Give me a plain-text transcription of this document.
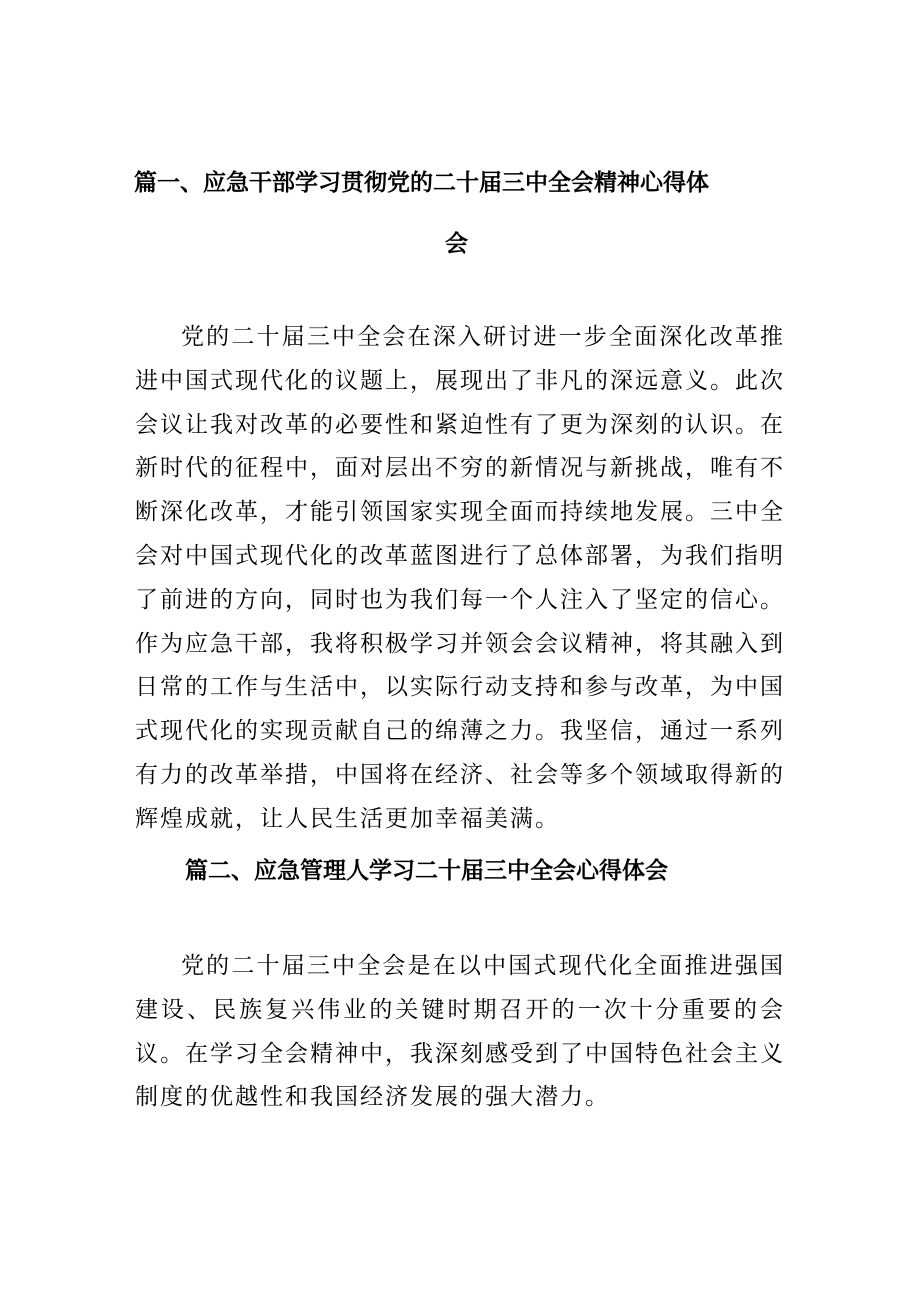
篇一、应急干部学习贯彻党的二十届三中全会精神心得体
会

党的二十届三中全会在深入研讨进一步全面深化改革推进中国式现代化的议题上，展现出了非凡的深远意义。此次会议让我对改革的必要性和紧迫性有了更为深刻的认识。在新时代的征程中，面对层出不穷的新情况与新挑战，唯有不断深化改革，才能引领国家实现全面而持续地发展。三中全会对中国式现代化的改革蓝图进行了总体部署，为我们指明了前进的方向，同时也为我们每一个人注入了坚定的信心。作为应急干部，我将积极学习并领会会议精神，将其融入到日常的工作与生活中，以实际行动支持和参与改革，为中国式现代化的实现贡献自己的绵薄之力。我坚信，通过一系列有力的改革举措，中国将在经济、社会等多个领域取得新的辉煌成就，让人民生活更加幸福美满。

篇二、应急管理人学习二十届三中全会心得体会

党的二十届三中全会是在以中国式现代化全面推进强国建设、民族复兴伟业的关键时期召开的一次十分重要的会议。在学习全会精神中，我深刻感受到了中国特色社会主义制度的优越性和我国经济发展的强大潜力。
